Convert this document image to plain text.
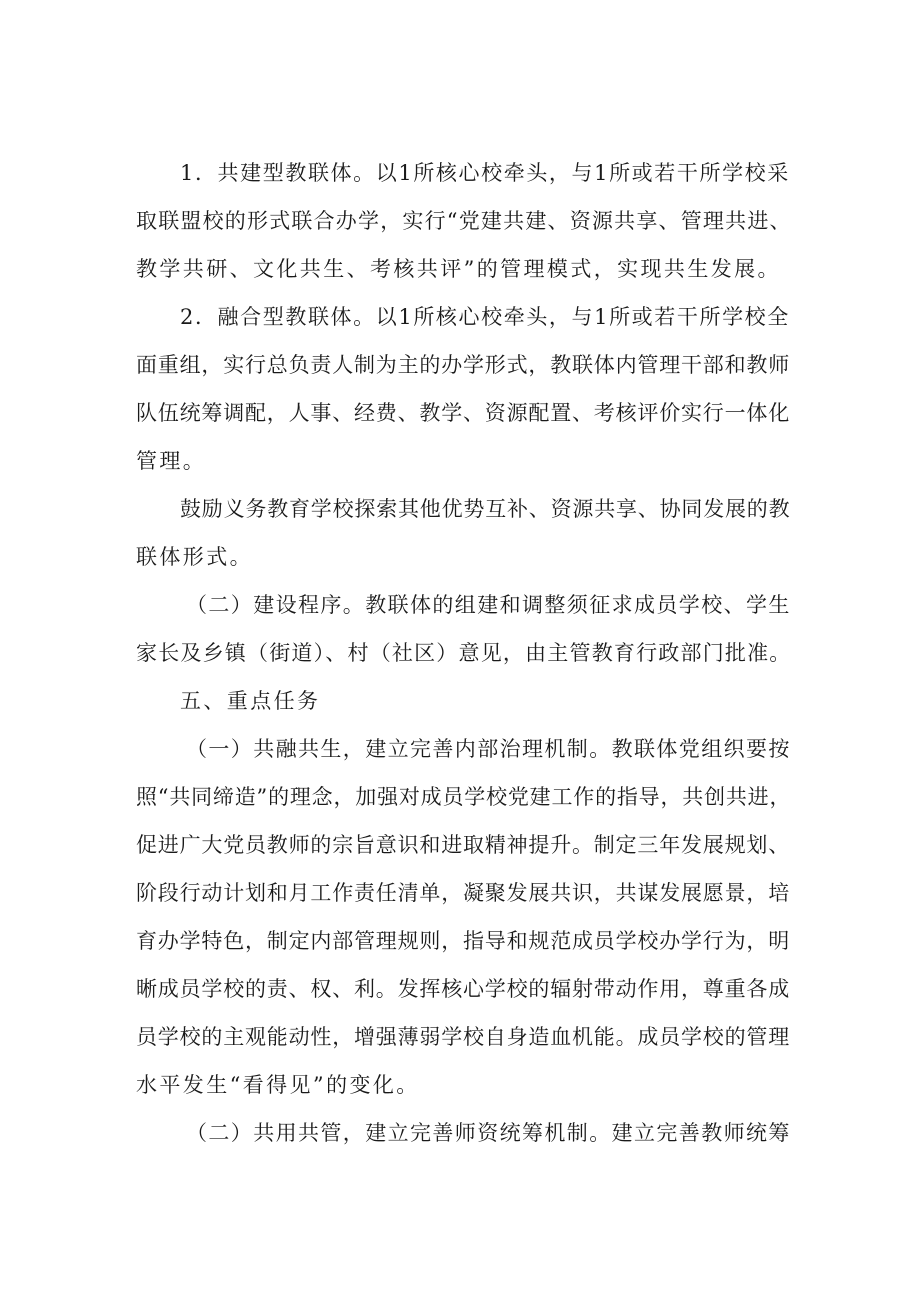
1．共建型教联体。以1所核心校牵头，与1所或若干所学校采
取联盟校的形式联合办学，实行“党建共建、资源共享、管理共进、
教学共研、文化共生、考核共评”的管理模式，实现共生发展。
2．融合型教联体。以1所核心校牵头，与1所或若干所学校全
面重组，实行总负责人制为主的办学形式，教联体内管理干部和教师
队伍统筹调配，人事、经费、教学、资源配置、考核评价实行一体化
管理。
鼓励义务教育学校探索其他优势互补、资源共享、协同发展的教
联体形式。
（二）建设程序。教联体的组建和调整须征求成员学校、学生
家长及乡镇（街道）、村（社区）意见，由主管教育行政部门批准。
五、重点任务
（一）共融共生，建立完善内部治理机制。教联体党组织要按
照“共同缔造”的理念，加强对成员学校党建工作的指导，共创共进，
促进广大党员教师的宗旨意识和进取精神提升。制定三年发展规划、
阶段行动计划和月工作责任清单，凝聚发展共识，共谋发展愿景，培
育办学特色，制定内部管理规则，指导和规范成员学校办学行为，明
晰成员学校的责、权、利。发挥核心学校的辐射带动作用，尊重各成
员学校的主观能动性，增强薄弱学校自身造血机能。成员学校的管理
水平发生“看得见”的变化。
（二）共用共管，建立完善师资统筹机制。建立完善教师统筹
